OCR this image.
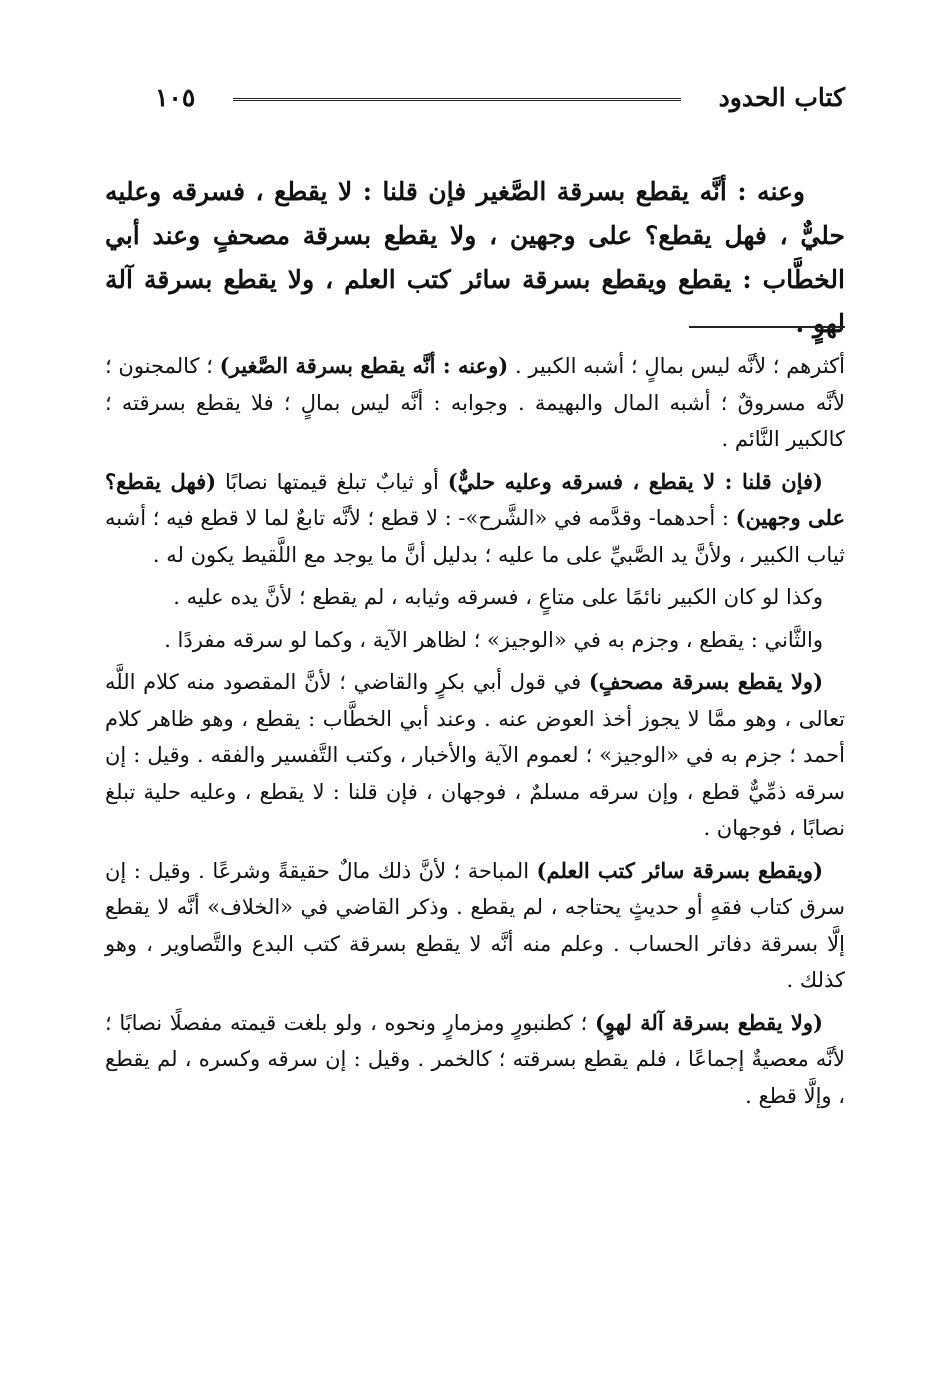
كتاب الحدود
١٠٥

وعنه : أنَّه يقطع بسرقة الصَّغير فإن قلنا : لا يقطع ، فسرقه وعليه حليٌّ ، فهل يقطع؟ على وجهين ، ولا يقطع بسرقة مصحفٍ وعند أبي الخطَّاب : يقطع ويقطع بسرقة سائر كتب العلم ، ولا يقطع بسرقة آلة لهوٍ .

أكثرهم ؛ لأنَّه ليس بمالٍ ؛ أشبه الكبير . (وعنه : أنَّه يقطع بسرقة الصَّغير) ؛ كالمجنون ؛ لأنَّه مسروقٌ ؛ أشبه المال والبهيمة . وجوابه : أنَّه ليس بمالٍ ؛ فلا يقطع بسرقته ؛ كالكبير النَّائم .

(فإن قلنا : لا يقطع ، فسرقه وعليه حليٌّ) أو ثيابٌ تبلغ قيمتها نصابًا (فهل يقطع؟ على وجهين) : أحدهما- وقدَّمه في «الشَّرح»- : لا قطع ؛ لأنَّه تابعٌ لما لا قطع فيه ؛ أشبه ثياب الكبير ، ولأنَّ يد الصَّبيِّ على ما عليه ؛ بدليل أنَّ ما يوجد مع اللَّقيط يكون له .

وكذا لو كان الكبير نائمًا على متاعٍ ، فسرقه وثيابه ، لم يقطع ؛ لأنَّ يده عليه .

والثَّاني : يقطع ، وجزم به في «الوجيز» ؛ لظاهر الآية ، وكما لو سرقه مفردًا .

(ولا يقطع بسرقة مصحفٍ) في قول أبي بكرٍ والقاضي ؛ لأنَّ المقصود منه كلام اللَّه تعالى ، وهو ممَّا لا يجوز أخذ العوض عنه . وعند أبي الخطَّاب : يقطع ، وهو ظاهر كلام أحمد ؛ جزم به في «الوجيز» ؛ لعموم الآية والأخبار ، وكتب التَّفسير والفقه . وقيل : إن سرقه ذمِّيٌّ قطع ، وإن سرقه مسلمٌ ، فوجهان ، فإن قلنا : لا يقطع ، وعليه حلية تبلغ نصابًا ، فوجهان .

(ويقطع بسرقة سائر كتب العلم) المباحة ؛ لأنَّ ذلك مالٌ حقيقةً وشرعًا . وقيل : إن سرق كتاب فقهٍ أو حديثٍ يحتاجه ، لم يقطع . وذكر القاضي في «الخلاف» أنَّه لا يقطع إلَّا بسرقة دفاتر الحساب . وعلم منه أنَّه لا يقطع بسرقة كتب البدع والتَّصاوير ، وهو كذلك .

(ولا يقطع بسرقة آلة لهوٍ) ؛ كطنبورٍ ومزمارٍ ونحوه ، ولو بلغت قيمته مفصلًا نصابًا ؛ لأنَّه معصيةٌ إجماعًا ، فلم يقطع بسرقته ؛ كالخمر . وقيل : إن سرقه وكسره ، لم يقطع ، وإلَّا قطع .
